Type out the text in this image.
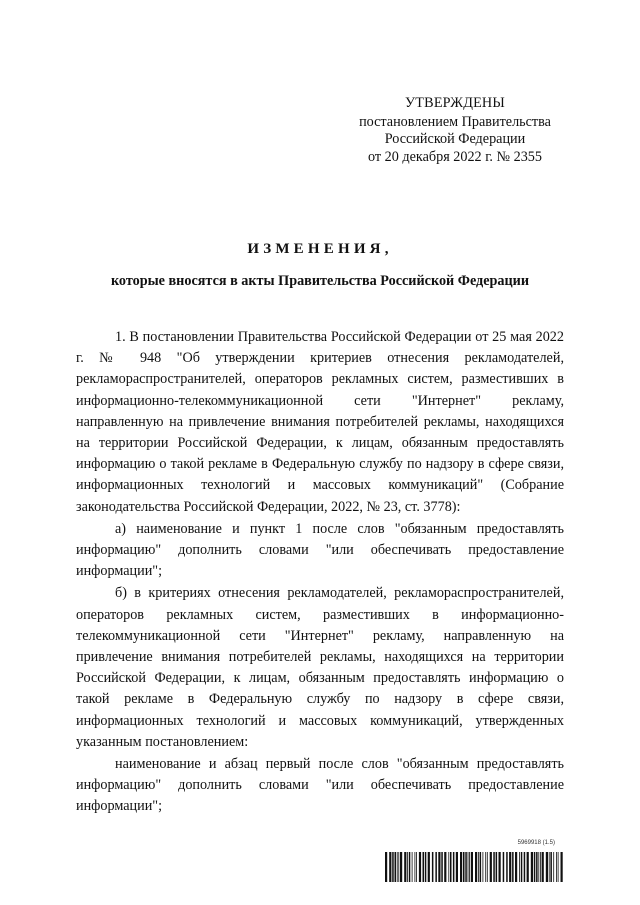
УТВЕРЖДЕНЫ
постановлением Правительства
Российской Федерации
от 20 декабря 2022 г. № 2355
ИЗМЕНЕНИЯ,
которые вносятся в акты Правительства Российской Федерации

1. В постановлении Правительства Российской Федерации от 25 мая 2022 г. № 948 "Об утверждении критериев отнесения рекламодателей, рекламораспространителей, операторов рекламных систем, разместивших в информационно-телекоммуникационной сети "Интернет" рекламу, направленную на привлечение внимания потребителей рекламы, находящихся на территории Российской Федерации, к лицам, обязанным предоставлять информацию о такой рекламе в Федеральную службу по надзору в сфере связи, информационных технологий и массовых коммуникаций" (Собрание законодательства Российской Федерации, 2022, № 23, ст. 3778):

а) наименование и пункт 1 после слов "обязанным предоставлять информацию" дополнить словами "или обеспечивать предоставление информации";

б) в критериях отнесения рекламодателей, рекламораспространителей, операторов рекламных систем, разместивших в информационно-телекоммуникационной сети "Интернет" рекламу, направленную на привлечение внимания потребителей рекламы, находящихся на территории Российской Федерации, к лицам, обязанным предоставлять информацию о такой рекламе в Федеральную службу по надзору в сфере связи, информационных технологий и массовых коммуникаций, утвержденных указанным постановлением:

наименование и абзац первый после слов "обязанным предоставлять информацию" дополнить словами "или обеспечивать предоставление информации";

5969918 (1.5)
